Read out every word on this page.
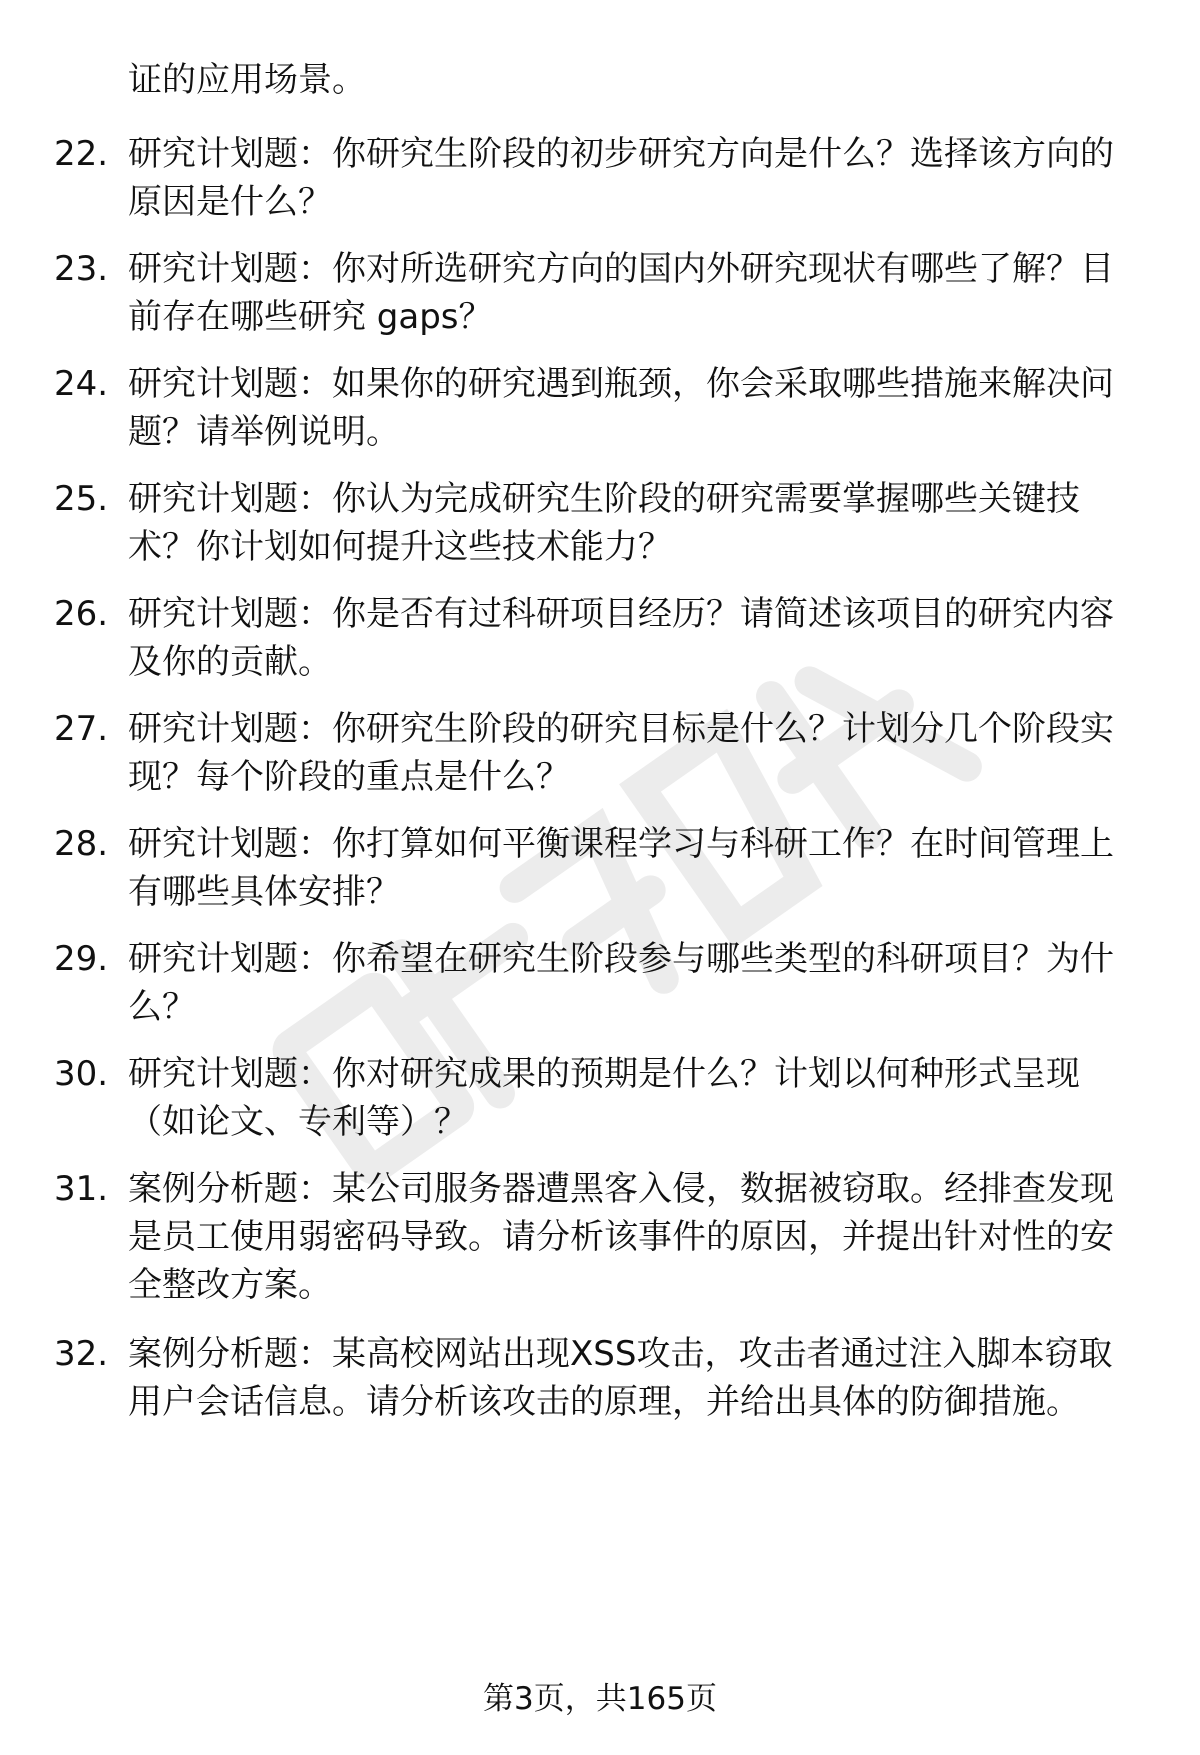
证的应用场景。

22. 研究计划题：你研究生阶段的初步研究方向是什么？选择该方向的原因是什么？
23. 研究计划题：你对所选研究方向的国内外研究现状有哪些了解？目前存在哪些研究 gaps？
24. 研究计划题：如果你的研究遇到瓶颈，你会采取哪些措施来解决问题？请举例说明。
25. 研究计划题：你认为完成研究生阶段的研究需要掌握哪些关键技术？你计划如何提升这些技术能力？
26. 研究计划题：你是否有过科研项目经历？请简述该项目的研究内容及你的贡献。
27. 研究计划题：你研究生阶段的研究目标是什么？计划分几个阶段实现？每个阶段的重点是什么？
28. 研究计划题：你打算如何平衡课程学习与科研工作？在时间管理上有哪些具体安排？
29. 研究计划题：你希望在研究生阶段参与哪些类型的科研项目？为什么？
30. 研究计划题：你对研究成果的预期是什么？计划以何种形式呈现（如论文、专利等）？
31. 案例分析题：某公司服务器遭黑客入侵，数据被窃取。经排查发现是员工使用弱密码导致。请分析该事件的原因，并提出针对性的安全整改方案。
32. 案例分析题：某高校网站出现XSS攻击，攻击者通过注入脚本窃取用户会话信息。请分析该攻击的原理，并给出具体的防御措施。
第3页，共165页
